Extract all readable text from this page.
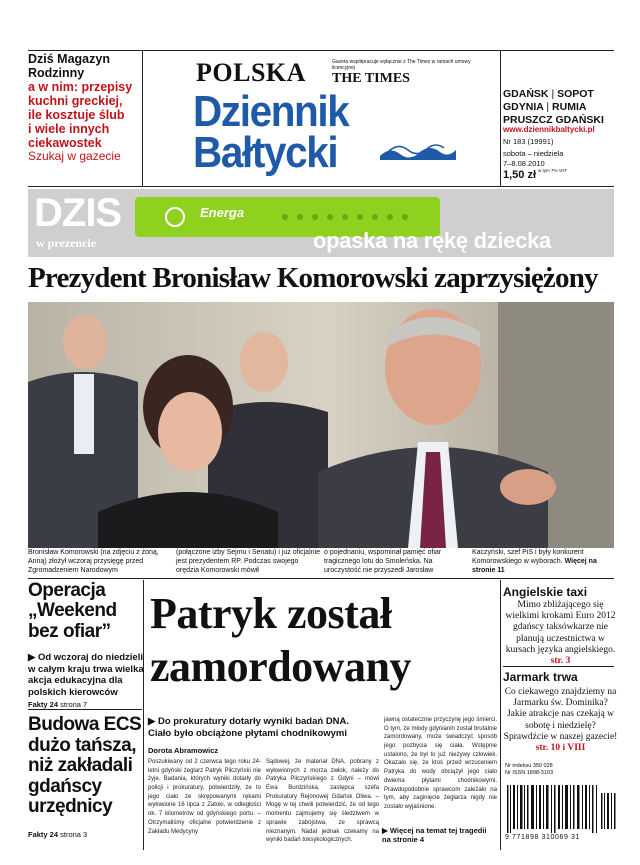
Dziś Magazyn
Rodzinny
a w nim: przepisy
kuchni greckiej,
ile kosztuje ślub
i wiele innych
ciekawostek
Szukaj w gazecie
POLSKA	Gazeta współpracuje wyłącznie z The Times w ramach umowy licencyjnej
THE TIMES
Dziennik
Bałtycki
GDAŃSK | SOPOT
GDYNIA | RUMIA
PRUSZCZ GDAŃSKI
www.dziennikbaltycki.pl
Nr 183 (19991)
sobota – niedziela
7–8.08.2010
1,50 zł w tym 7% VAT
DZIS
w prezencie
Energa
opaska na rękę dziecka
Prezydent Bronisław Komorowski zaprzysiężony
Bronisław Komorowski (na zdjęciu z żoną, Anną) złożył wczoraj przysięgę przed Zgromadzeniem Narodowym
(połączone izby Sejmu i Senatu) i już oficjalnie jest prezydentem RP. Podczas swojego orędzia Komorowski mówił
o pojednaniu, wspominał pamięć ofiar tragicznego lotu do Smoleńska. Na uroczystość nie przyszedł Jarosław
Kaczyński, szef PiS i były konkurent Komorowskiego w wyborach. Więcej na stronie 11
Operacja
„Weekend
bez ofiar”
▶ Od wczoraj do niedzieli w całym kraju trwa wielka akcja edukacyjna dla polskich kierowców
Fakty 24 strona 7
Budowa ECS
dużo tańsza,
niż zakładali
gdańscy
urzędnicy
Fakty 24 strona 3
Patryk został
zamordowany
▶ Do prokuratury dotarły wyniki badań DNA.
Ciało było obciążone płytami chodnikowymi
Dorota Abramowicz
Poszukiwany od 2 czerwca tego roku 24-letni gdyński żeglarz Patryk Pilczyński nie żyje. Badania, których wyniki dotarły do policji i prokuratury, potwierdziły, że to jego ciało ze skrępowanymi rękami wyłowione 16 lipca z Zatoki, w odległości ok. 7 kilometrów od gdyńskiego portu. – Otrzymaliśmy oficjalne potwierdzenie z Zakładu Medycyny
Sądowej, że materiał DNA, pobrany z wyłowionych z morza zwłok, należy do Patryka Pilczyńskiego z Gdyni – mówi Ewa Burdzińska, zastępca szefa Prokuratury Rejonowej Gdańsk Oliwa. – Mogę w tej chwili potwierdzić, że od tego momentu zajmujemy się śledztwem w sprawie zabójstwa, ze sprawcą nieznanym. Nadal jednak czekamy na wyniki badań toksykologicznych.
jawną ostatecznie przyczynę jego śmierci. O tym, że młody gdynianin został brutalnie zamordowany, może świadczyć sposób jego pozbycia się ciała. Wstępnie ustalono, że był to już nieżywy człowiek. Okazało się, że ktoś przed wrzuceniem Patryka do wody obciążył jego ciało dwiema płytami chodnikowymi. Prawdopodobnie sprawcom zależało na tym, aby zaginięcie żeglarza nigdy nie zostało wyjaśnione.
▶ Więcej na temat tej tragedii
na stronie 4
Angielskie taxi
Mimo zbliżającego się wielkimi krokami Euro 2012 gdańscy taksówkarze nie planują uczestnictwa w kursach języka angielskiego. str. 3
Jarmark trwa
Co ciekawego znajdziemy na Jarmarku św. Dominika? Jakie atrakcje nas czekają w sobotę i niedzielę? Sprawdźcie w naszej gazecie! str. 10 i VIII
Nr indeksu 350 028
Nr ISSN 1898-3103
9 771898 310069 31
